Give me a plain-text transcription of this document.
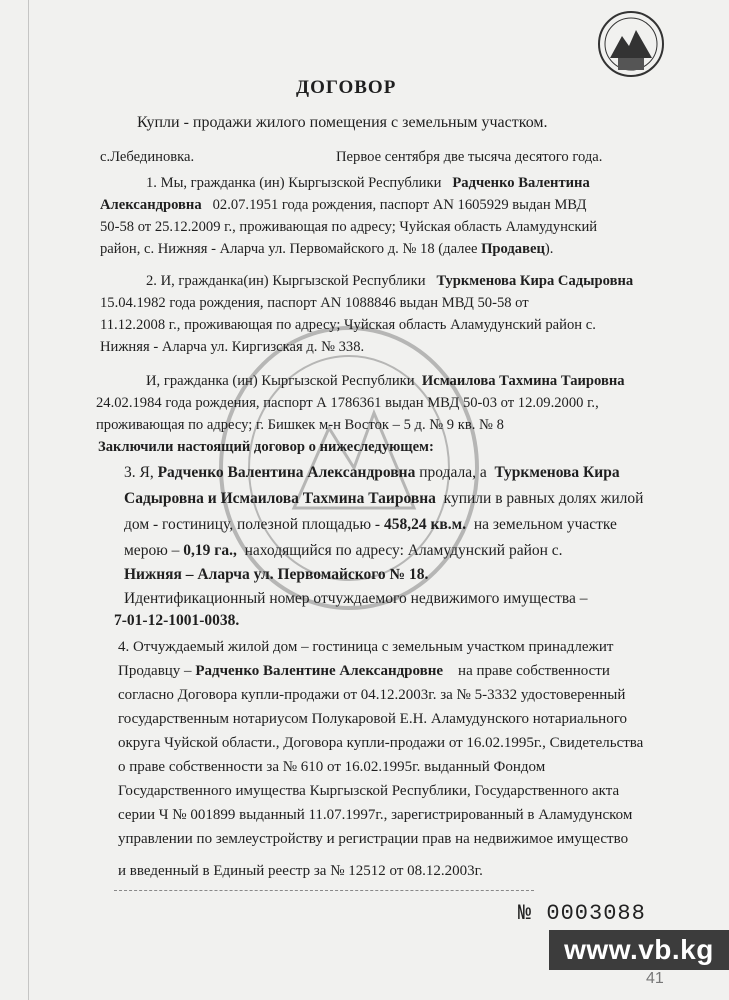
ДОГОВОР
Купли - продажи жилого помещения с земельным участком.
с.Лебединовка.	Первое сентября две тысяча десятого года.
1. Мы, гражданка (ин) Кыргызской Республики Радченко Валентина
Александровна 02.07.1951 года рождения, паспорт AN 1605929 выдан МВД
50-58 от 25.12.2009 г., проживающая по адресу; Чуйская область Аламудунский
район, с. Нижняя - Аларча ул. Первомайского д. № 18 (далее Продавец).
2. И, гражданка(ин) Кыргызской Республики Туркменова Кира Садыровна
15.04.1982 года рождения, паспорт AN 1088846 выдан МВД 50-58 от
11.12.2008 г., проживающая по адресу; Чуйская область Аламудунский район с.
Нижняя - Аларча ул. Киргизская д. № 338.
И, гражданка (ин) Кыргызской Республики Исмаилова Тахмина Таировна
24.02.1984 года рождения, паспорт А 1786361 выдан МВД 50-03 от 12.09.2000 г.,
проживающая по адресу; г. Бишкек м-н Восток – 5 д. № 9 кв. № 8
Заключили настоящий договор о нижеследующем:
3. Я, Радченко Валентина Александровна продала, а Туркменова Кира
Садыровна и Исмаилова Тахмина Таировна купили в равных долях жилой
дом - гостиницу, полезной площадью - 458,24 кв.м. на земельном участке
мерою – 0,19 га., находящийся по адресу: Аламудунский район с.
Нижняя – Аларча ул. Первомайского № 18.
Идентификационный номер отчуждаемого недвижимого имущества –
7-01-12-1001-0038.
4. Отчуждаемый жилой дом – гостиница с земельным участком принадлежит
Продавцу – Радченко Валентине Александровне на праве собственности
согласно Договора купли-продажи от 04.12.2003г. за № 5-3332 удостоверенный
государственным нотариусом Полукаровой Е.Н. Аламудунского нотариального
округа Чуйской области., Договора купли-продажи от 16.02.1995г., Свидетельства
о праве собственности за № 610 от 16.02.1995г. выданный Фондом
Государственного имущества Кыргызской Республики, Государственного акта
серии Ч № 001899 выданный 11.07.1997г., зарегистрированный в Аламудунском
управлении по землеустройству и регистрации прав на недвижимое имущество
и введенный в Единый реестр за № 12512 от 08.12.2003г.
№ 0003088
www.vb.kg
41
